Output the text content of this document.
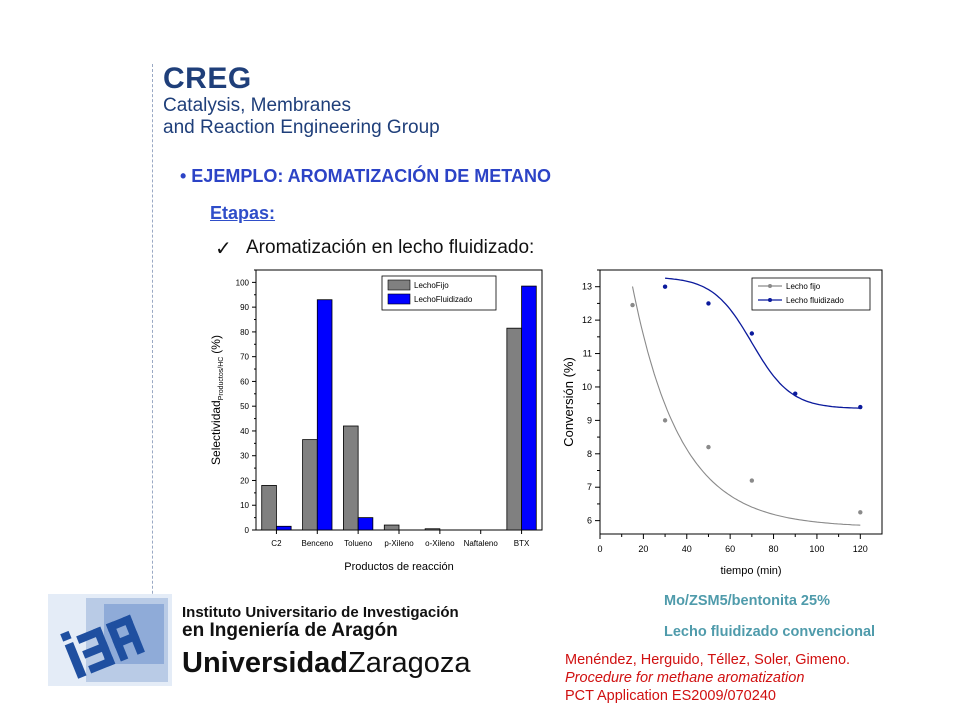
CREG
Catalysis, Membranes
and Reaction Engineering Group
• EJEMPLO: AROMATIZACIÓN DE METANO
Etapas:
✓ Aromatización en lecho fluidizado:
0
10
20
30
40
50
60
70
80
90
100
C2 Benceno Tolueno p-Xileno o-Xileno Naftaleno BTX
Productos de reacción
Selectividad$_{Productos/HC}$(%)
LechoFijo
LechoFluidizado
0	20	40	60	80	100	120
6
7
8
9
10
11
12
13
tiempo (min)
Conversión (%)
Lecho fijo
Lecho fluidizado
Mo/ZSM5/bentonita 25%
Lecho fluidizado convencional
Menéndez, Herguido, Téllez, Soler, Gimeno.
Procedure for methane aromatization
PCT Application ES2009/070240
Instituto Universitario de Investigación
en Ingeniería de Aragón
UniversidadZaragoza
